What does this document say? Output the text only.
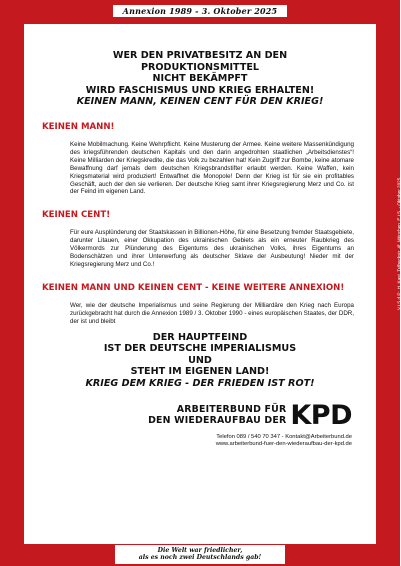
Annexion 1989 - 3. Oktober 2025

WER DEN PRIVATBESITZ AN DEN

PRODUKTIONSMITTEL

NICHT BEKÄMPFT

WIRD FASCHISMUS UND KRIEG ERHALTEN!

KEINEN MANN, KEINEN CENT FÜR DEN KRIEG!

KEINEN MANN!

Keine Mobilmachung. Keine Wehrpflicht. Keine Musterung der Armee. Keine weitere Massenkündigung des kriegsführenden deutschen Kapitals und den darin angedrohten staatlichen „Arbeitsdienstes“! Keine Milliarden der Kriegskredite, die das Volk zu bezahlen hat! Kein Zugriff zur Bombe, keine atomare Bewaffnung darf jemals dem deutschen Kriegsbrandstifter erlaubt werden. Keine Waffen, kein Kriegsmaterial wird produziert! Entwaffnet die Monopole! Denn der Krieg ist für sie ein profitables Geschäft, auch der den sie verlieren. Der deutsche Krieg samt ihrer Kriegsregierung Merz und Co. ist der Feind im eigenen Land.

KEINEN CENT!

Für eure Ausplünderung der Staatskassen in Billionen-Höhe, für eine Besetzung fremder Staatsgebiete, darunter Litauen, einer Okkupation des ukrainischen Gebiets als ein erneuter Raubkrieg des Völkermords zur Plünderung des Eigentums des ukrainischen Volks, ihres Eigentums an Bodenschätzen und ihrer Unterwerfung als deutscher Sklave der Ausbeutung! Nieder mit der Kriegsregierung Merz und Co.!

KEINEN MANN UND KEINEN CENT - KEINE WEITERE ANNEXION!

Wer, wie der deutsche Imperialismus und seine Regierung der Milliardäre den Krieg nach Europa zurückgebracht hat durch die Annexion 1989 / 3. Oktober 1990 - eines europäischen Staates, der DDR, der ist und bleibt

DER HAUPTFEIND

IST DER DEUTSCHE IMPERIALISMUS

UND

STEHT IM EIGENEN LAND!

KRIEG DEM KRIEG - DER FRIEDEN IST ROT!

ARBEITERBUND FÜR
DEN WIEDERAUFBAU DER KPD
Telefon 089 / 540 70 347 - Kontakt@Arbeiterbund.de
www.arbeiterbund-fuer-den-wiederaufbau-der-kpd.de
Die Welt war friedlicher,
als es noch zwei Deutschlands gab!
V.i.S.d.P.: H. Kast, Tulbeckstr. 4f, München, E.i.S. - Oktober 2025
